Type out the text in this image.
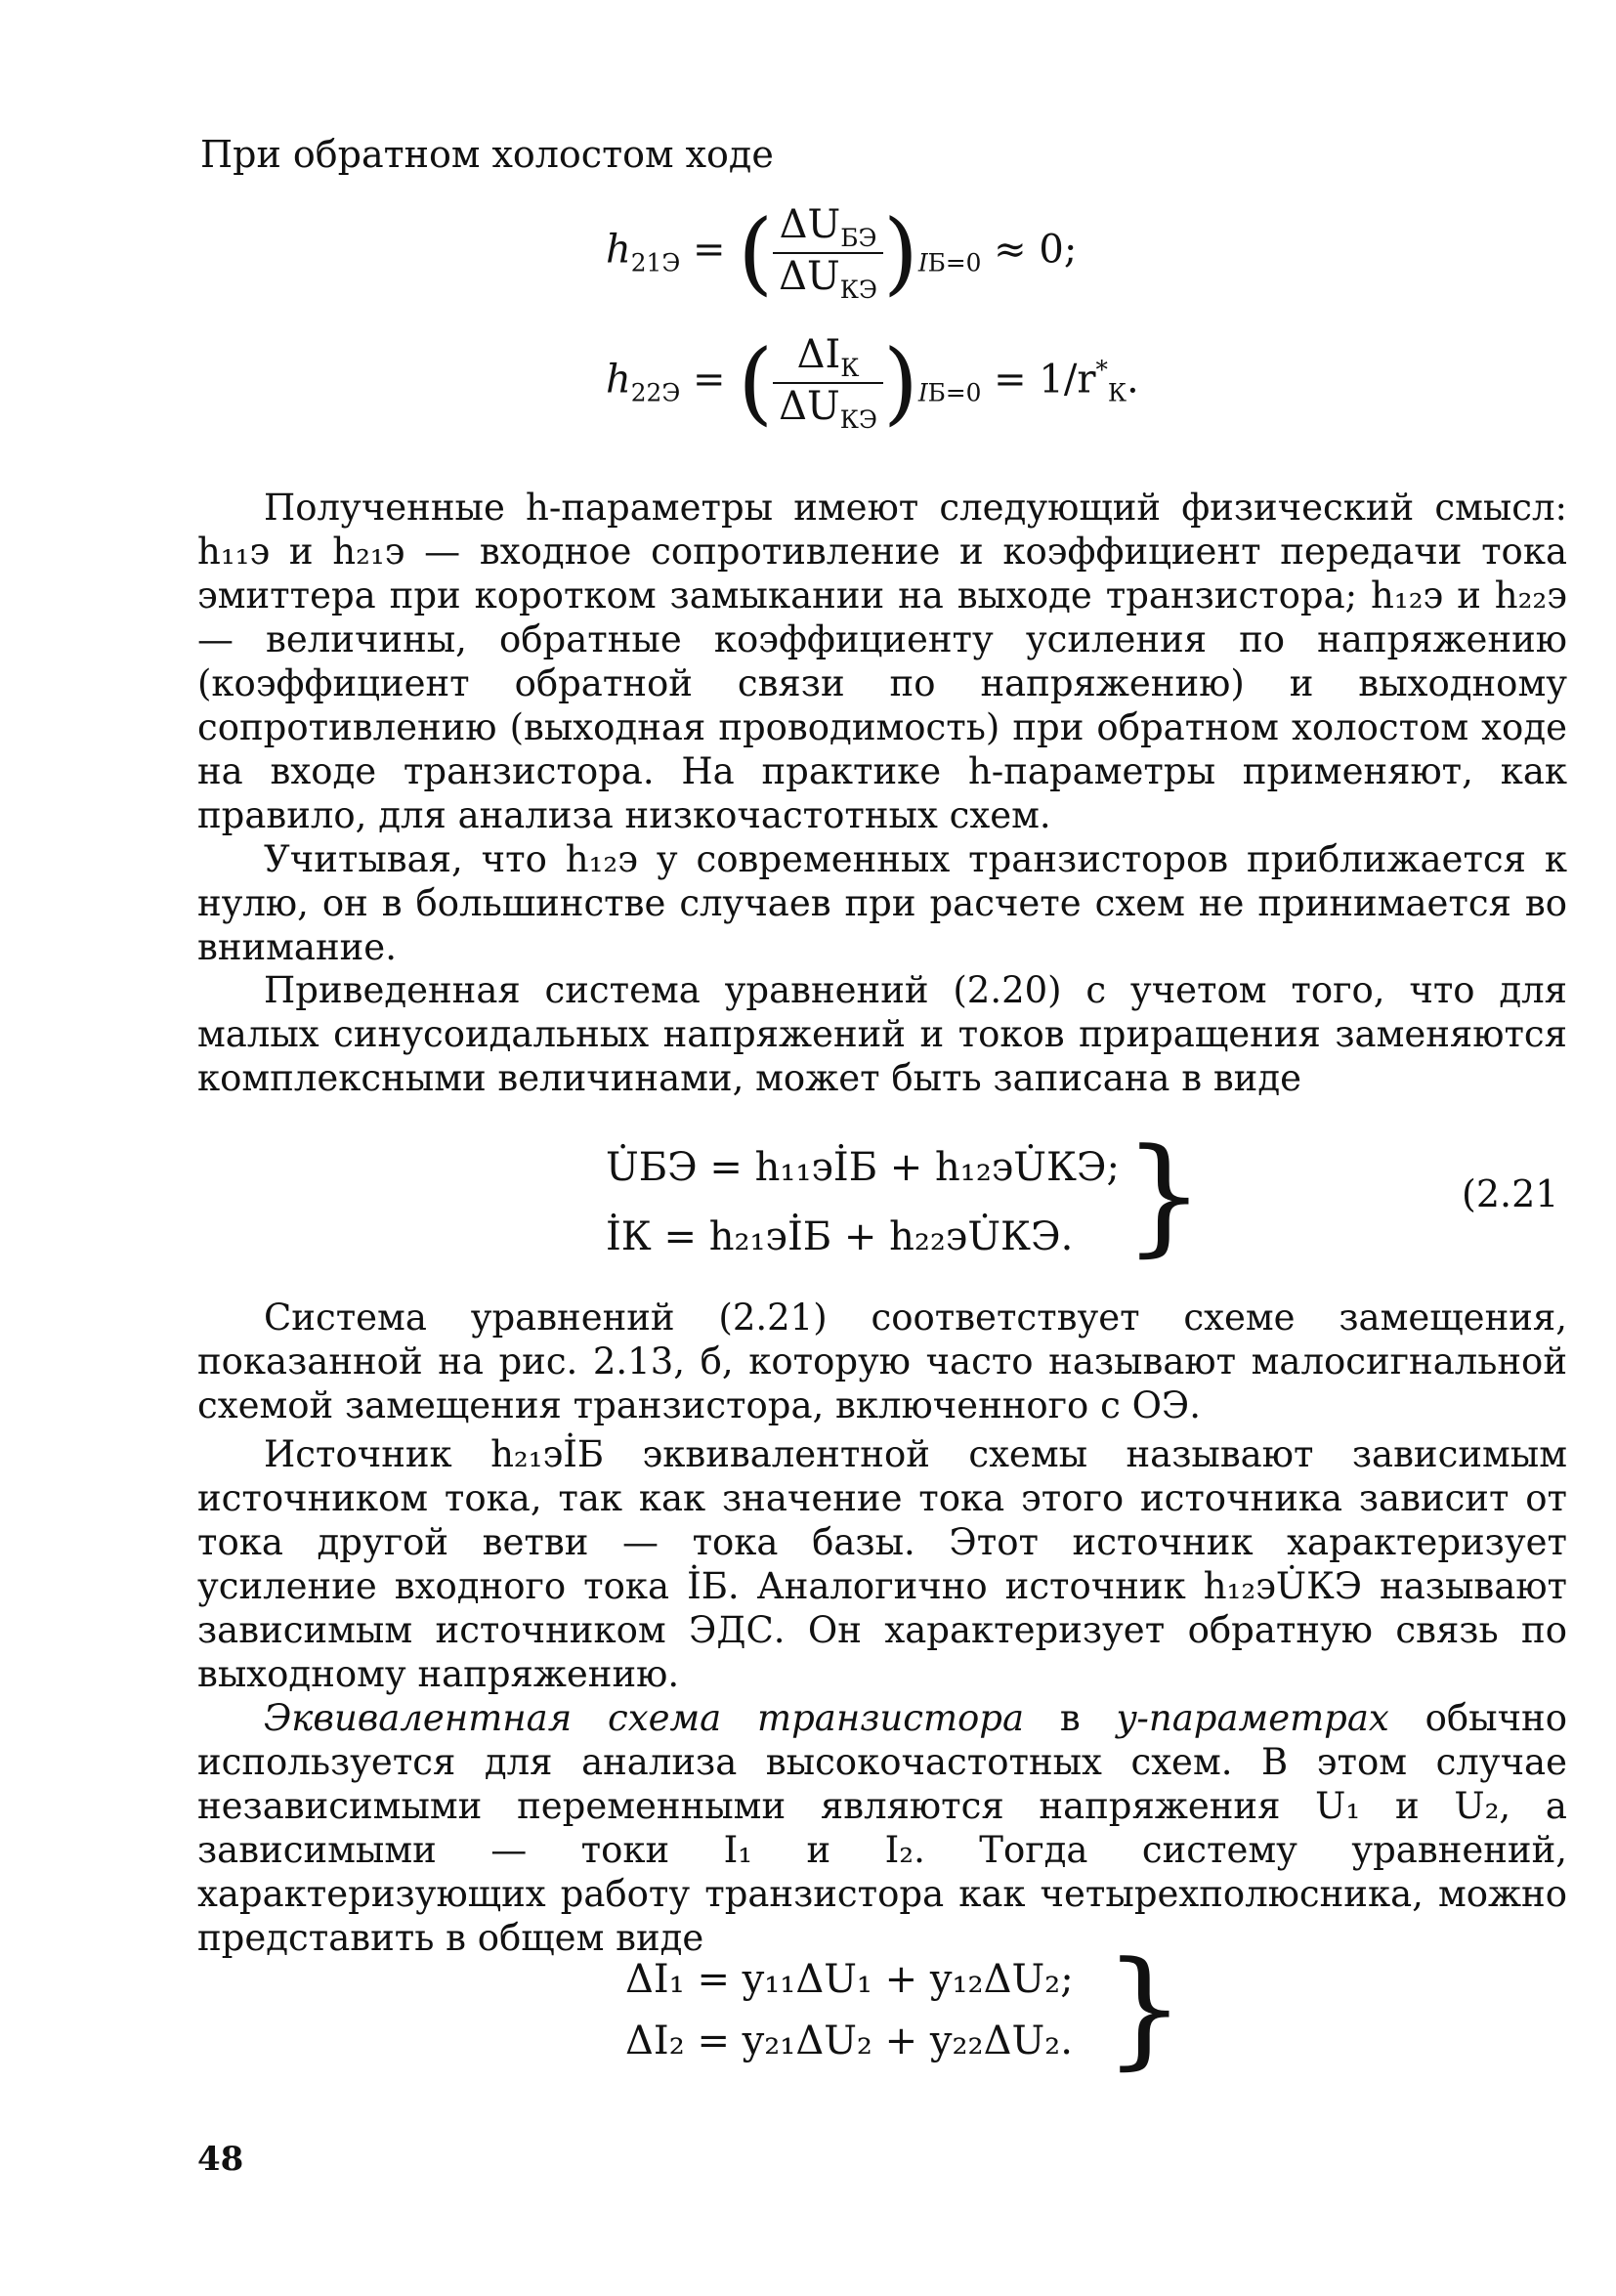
При обратном холостом ходе
$h_{21Э}$ = ( $\frac{\Delta U_{БЭ}}{\Delta U_{КЭ}} )_{IБ=0} \approx 0$;
$h_{22Э}$ = ( $\frac{\Delta I_К}{\Delta U_{КЭ}} )_{IБ=0} = 1/r^*_К$.
Полученные h-параметры имеют следующий физический смысл: h₁₁э и h₂₁э — входное сопротивление и коэффициент передачи тока эмиттера при коротком замыкании на выходе транзистора; h₁₂э и h₂₂э — величины, обратные коэффициенту усиления по напряжению (коэффициент обратной связи по напряжению) и выходному сопротивлению (выходная проводимость) при обратном холостом ходе на входе транзистора. На практике h-параметры применяют, как правило, для анализа низкочастотных схем.
Учитывая, что h₁₂э у современных транзисторов приближается к нулю, он в большинстве случаев при расчете схем не принимается во внимание.
Приведенная система уравнений (2.20) с учетом того, что для малых синусоидальных напряжений и токов приращения заменяются комплексными величинами, может быть записана в виде
U̇БЭ = h₁₁эİБ + h₁₂эU̇КЭ;
İК = h₂₁эİБ + h₂₂эU̇КЭ. }	(2.21
Система уравнений (2.21) соответствует схеме замещения, показанной на рис. 2.13, б, которую часто называют малосигнальной схемой замещения транзистора, включенного с ОЭ.
Источник h₂₁эİБ эквивалентной схемы называют зависимым источником тока, так как значение тока этого источника зависит от тока другой ветви — тока базы. Этот источник характеризует усиление входного тока İБ. Аналогично источник h₁₂эU̇КЭ называют зависимым источником ЭДС. Он характеризует обратную связь по выходному напряжению.
Эквивалентная схема транзистора в y-параметрах обычно используется для анализа высокочастотных схем. В этом случае независимыми переменными являются напряжения U₁ и U₂, а зависимыми — токи I₁ и I₂. Тогда систему уравнений, характеризующих работу транзистора как четырехполюсника, можно представить в общем виде
ΔI₁ = y₁₁ΔU₁ + y₁₂ΔU₂;
ΔI₂ = y₂₁ΔU₂ + y₂₂ΔU₂. }
48
